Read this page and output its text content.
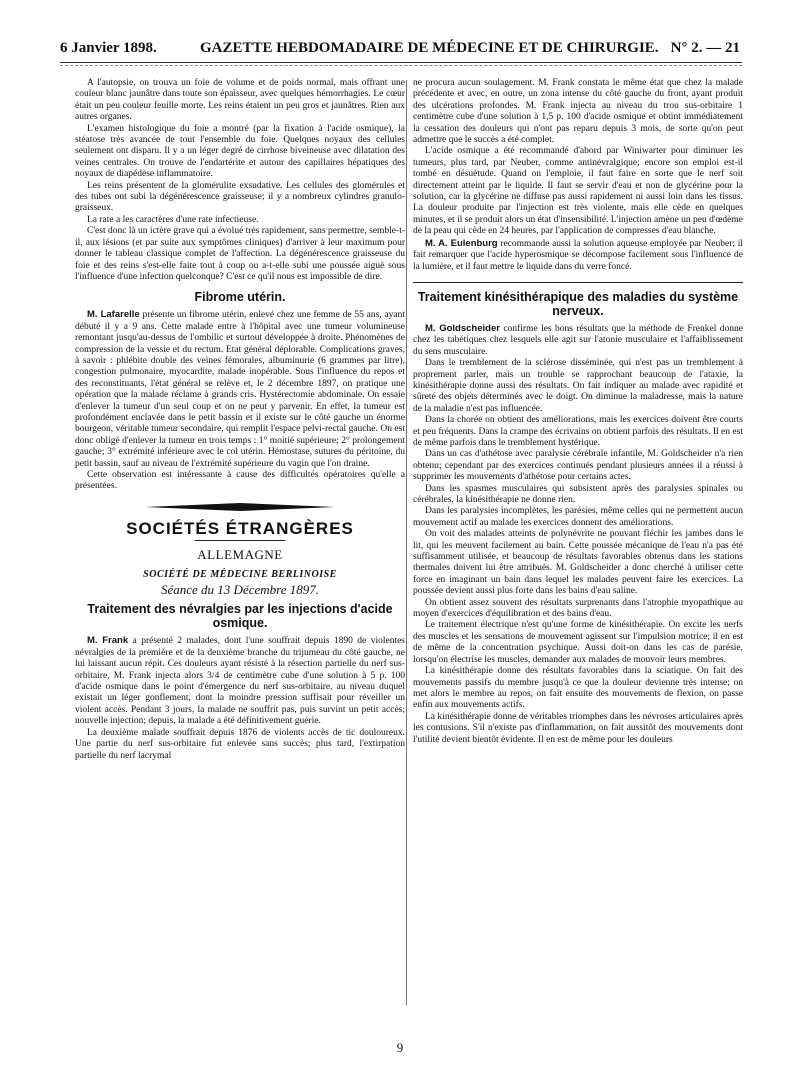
6 Janvier 1898.	GAZETTE HEBDOMADAIRE DE MÉDECINE ET DE CHIRURGIE. N° 2. — 21

A l'autopsie, on trouva un foie de volume et de poids normal, mais offrant une couleur blanc jaunâtre dans toute son épaisseur, avec quelques hémorrhagies. Le cœur était un peu couleur feuille morte. Les reins étaient un peu gros et jaunâtres. Rien aux autres organes.

L'examen histologique du foie a montré (par la fixation à l'acide osmique), la stéatose très avancée de tout l'ensemble du foie. Quelques noyaux des cellules seulement ont disparu. Il y a un léger degré de cirrhose biveineuse avec dilatation des veines centrales. On trouve de l'endartérite et autour des capillaires hépatiques des noyaux de diapédèse inflammatoire.

Les reins présentent de la glomérulite exsudative. Les cellules des glomérules et des tubes ont subi la dégénérescence graisseuse; il y a nombreux cylindres granulo-graisseux.

La rate a les caractères d'une rate infectieuse.

C'est donc là un ictère grave qui a évolué très rapidement, sans permettre, semble-t-il, aux lésions (et par suite aux symptômes cliniques) d'arriver à leur maximum pour donner le tableau classique complet de l'affection. La dégénérescence graisseuse du foie et des reins s'est-elle faite tout à coup ou a-t-elle subi une poussée aiguë sous l'influence d'une infection quelconque? C'est ce qu'il nous est impossible de dire.

Fibrome utérin.

M. Lafarelle présente un fibrome utérin, enlevé chez une femme de 55 ans, ayant débuté il y a 9 ans. Cette malade entre à l'hôpital avec une tumeur volumineuse remontant jusqu'au-dessus de l'ombilic et surtout développée à droite. Phénomènes de compression de la vessie et du rectum. Etat général déplorable. Complications graves, à savoir : phlébite double des veines fémorales, albuminurie (6 grammes par litre), congestion pulmonaire, myocardite, malade inopérable. Sous l'influence du repos et des reconstituants, l'état général se relève et, le 2 décembre 1897, on pratique une opération que la malade réclame à grands cris. Hystérectomie abdominale. On essaie d'enlever la tumeur d'un seul coup et on ne peut y parvenir. En effet, la tumeur est profondément enclavée dans le petit bassin et il existe sur le côté gauche un énorme bourgeon, véritable tumeur secondaire, qui remplit l'espace pelvi-rectal gauche. On est donc obligé d'enlever la tumeur en trois temps : 1° moitié supérieure; 2° prolongement gauche; 3° extrémité inférieure avec le col utérin. Hémostase, sutures du péritoine, du petit bassin, sauf au niveau de l'extrémité supérieure du vagin que l'on draine.

Cette observation est intéressante à cause des difficultés opératoires qu'elle a présentées.

SOCIÉTÉS ÉTRANGÈRES
ALLEMAGNE
SOCIÉTÉ DE MÉDECINE BERLINOISE
Séance du 13 Décembre 1897.
Traitement des névralgies par les injections d'acide osmique.

M. Frank a présenté 2 malades, dont l'une souffrait depuis 1890 de violentes névralgies de la première et de la deuxième branche du trijumeau du côté gauche, ne lui laissant aucun répit. Ces douleurs ayant résisté à la résection partielle du nerf sus-orbitaire, M. Frank injecta alors 3/4 de centimètre cube d'une solution à 5 p. 100 d'acide osmique dans le point d'émergence du nerf sus-orbitaire, au niveau duquel existait un léger gonflement, dont la moindre pression suffisait pour réveiller un violent accès. Pendant 3 jours, la malade ne souffrit pas, puis survint un petit accès; nouvelle injection; depuis, la malade a été définitivement guérie.

La deuxième malade souffrait depuis 1876 de violents accès de tic douloureux. Une partie du nerf sus-orbitaire fut enlevée sans succès; plus tard, l'extirpation partielle du nerf lacrymal

ne procura aucun soulagement. M. Frank constata le même état que chez la malade précédente et avec, en outre, un zona intense du côté gauche du front, ayant produit des ulcérations profondes. M. Frank injecta au niveau du trou sus-orbitaire 1 centimètre cube d'une solution à 1,5 p. 100 d'acide osmique et obtint immédiatement la cessation des douleurs qui n'ont pas reparu depuis 3 mois, de sorte qu'on peut admettre que le succès a été complet.

L'acide osmique a été recommandé d'abord par Winiwarter pour diminuer les tumeurs, plus tard, par Neuber, comme antinévralgique; encore son emploi est-il tombé en désuétude. Quand on l'emploie, il faut faire en sorte que le nerf soit directement atteint par le liquide. Il faut se servir d'eau et non de glycérine pour la solution, car la glycérine ne diffuse pas aussi rapidement ni aussi loin dans les tissus. La douleur produite par l'injection est très violente, mais elle cède en quelques minutes, et il se produit alors un état d'insensibilité. L'injection amène un peu d'œdème de la peau qui cède en 24 heures, par l'application de compresses d'eau blanche.

M. A. Eulenburg recommande aussi la solution aqueuse employée par Neuber; il fait remarquer que l'acide hyperosmique se décompose facilement sous l'influence de la lumière, et il faut mettre le liquide dans du verre foncé.

Traitement kinésithérapique des maladies du système nerveux.

M. Goldscheider confirme les bons résultats que la méthode de Frenkel donne chez les tabétiques chez lesquels elle agit sur l'atonie musculaire et l'affaiblissement du sens musculaire.

Dans le tremblement de la sclérose disséminée, qui n'est pas un tremblement à proprement parler, mais un trouble se rapprochant beaucoup de l'ataxie, la kinésithérapie donne aussi des résultats. On fait indiquer au malade avec rapidité et sûreté des objets déterminés avec le doigt. On diminue la maladresse, mais la nature de la maladie n'est pas influencée.

Dans la chorée on obtient des améliorations, mais les exercices doivent être courts et peu fréquents. Dans la crampe des écrivains on obtient parfois des résultats. Il en est de même parfois dans le tremblement hystérique.

Dans un cas d'athétose avec paralysie cérébrale infantile, M. Goldscheider n'a rien obtenu; cependant par des exercices continués pendant plusieurs années il a réussi à supprimer les mouvements d'athétose pour certains actes.

Dans les spasmes musculaires qui subsistent après des paralysies spinales ou cérébrales, la kinésithérapie ne donne rien.

Dans les paralysies incomplètes, les parésies, même celles qui ne permettent aucun mouvement actif au malade les exercices donnent des améliorations.

On voit des malades atteints de polynévrite ne pouvant fléchir les jambes dans le lit, qui les meuvent facilement au bain. Cette poussée mécanique de l'eau n'a pas été suffisamment utilisée, et beaucoup de résultats favorables obtenus dans les stations thermales doivent lui être attribués. M. Goldscheider a donc cherché à utiliser cette force en imaginant un bain dans lequel les malades peuvent faire les exercices. La poussée devient aussi plus forte dans les bains d'eau saline.

On obtient assez souvent des résultats surprenants dans l'atrophie myopathique au moyen d'exercices d'équilibration et des bains d'eau.

Le traitement électrique n'est qu'une forme de kinésithérapie. On excite les nerfs des muscles et les sensations de mouvement agissent sur l'impulsion motrice; il en est de même de la concentration psychique. Aussi doit-on dans les cas de parésie, lorsqu'on électrise les muscles, demander aux malades de mouvoir leurs membres.

La kinésithérapie donne des résultats favorables dans la sciatique. On fait des mouvements passifs du membre jusqu'à ce que la douleur devienne très intense; on met alors le membre au repos, on fait ensuite des mouvements de flexion, on passe enfin aux mouvements actifs.

La kinésithérapie donne de véritables triomphes dans les névroses articulaires après les contusions. S'il n'existe pas d'inflammation, on fait aussitôt des mouvements dont l'utilité devient bientôt évidente. Il en est de même pour les douleurs

9
